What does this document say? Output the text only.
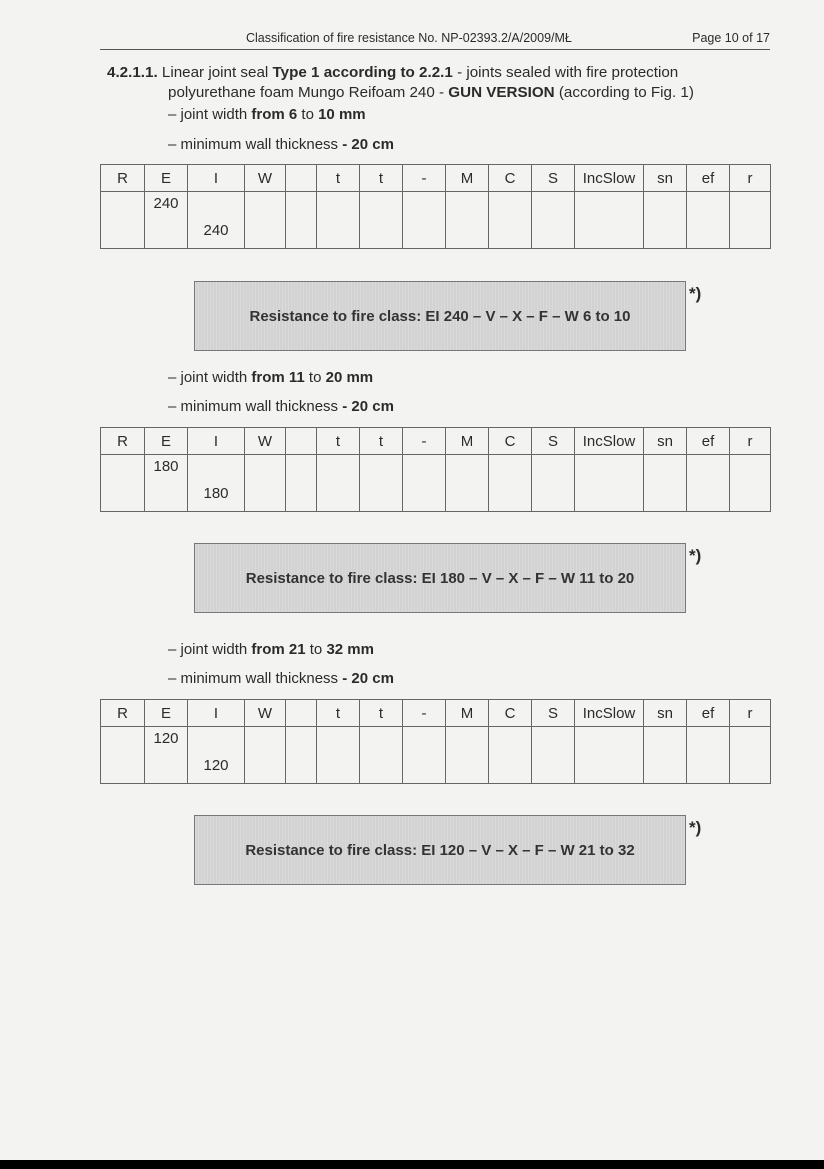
Classification of fire resistance No. NP-02393.2/A/2009/MŁ	Page 10 of 17
4.2.1.1. Linear joint seal Type 1 according to 2.2.1 - joints sealed with fire protection
polyurethane foam Mungo Reifoam 240 - GUN VERSION (according to Fig. 1)
– joint width from 6 to 10 mm
– minimum wall thickness - 20 cm
R	E	I	W		t	t	-	M	C	S	IncSlow	sn	ef	r

	240	240												

Resistance to fire class: EI 240 – V – X – F – W 6 to 10
*)
– joint width from 11 to 20 mm
– minimum wall thickness - 20 cm
R	E	I	W		t	t	-	M	C	S	IncSlow	sn	ef	r

	180	180												

Resistance to fire class: EI 180 – V – X – F – W 11 to 20
*)
– joint width from 21 to 32 mm
– minimum wall thickness - 20 cm
R	E	I	W		t	t	-	M	C	S	IncSlow	sn	ef	r

	120	120												

Resistance to fire class: EI 120 – V – X – F – W 21 to 32
*)
